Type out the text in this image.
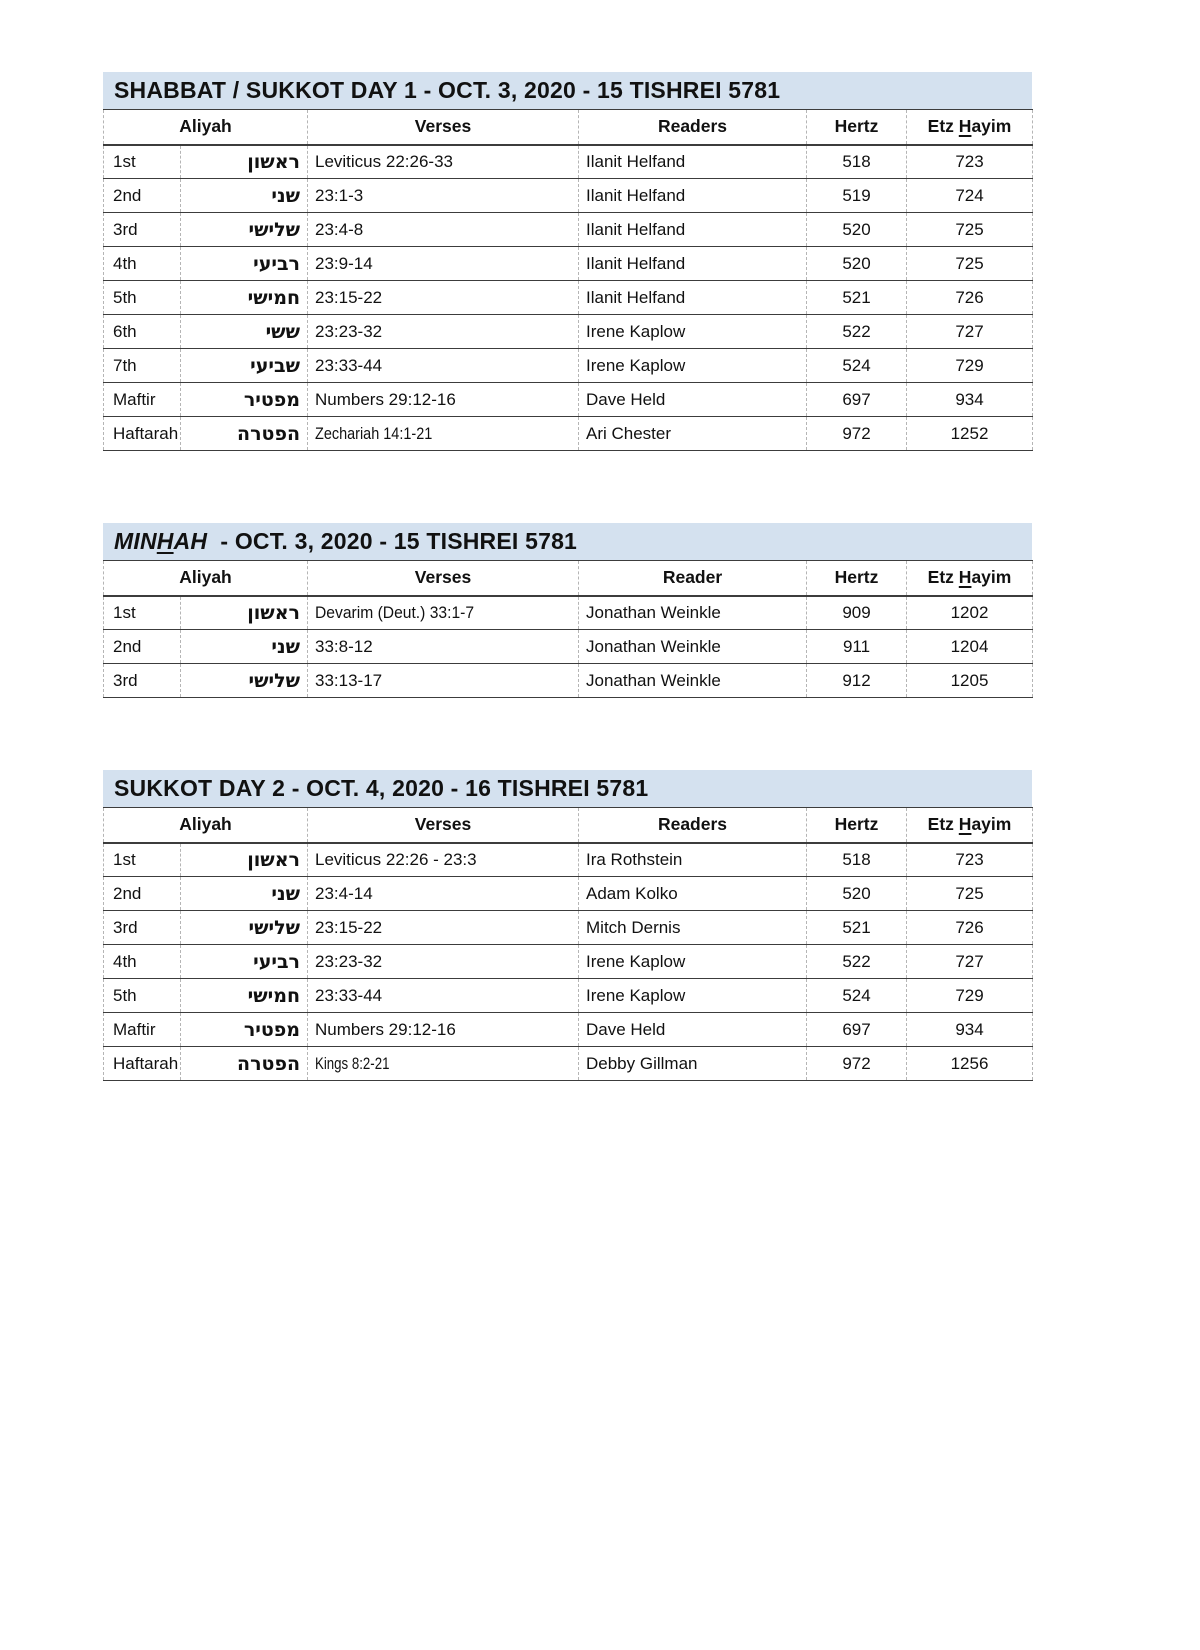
SHABBAT / SUKKOT DAY 1 - OCT. 3, 2020 - 15 TISHREI 5781
Aliyah		Verses	Readers	Hertz	Etz Hayim
1st	ראשון	Leviticus 22:26-33	Ilanit Helfand	518	723
2nd	שני	23:1-3	Ilanit Helfand	519	724
3rd	שלישי	23:4-8	Ilanit Helfand	520	725
4th	רביעי	23:9-14	Ilanit Helfand	520	725
5th	חמישי	23:15-22	Ilanit Helfand	521	726
6th	ששי	23:23-32	Irene Kaplow	522	727
7th	שביעי	23:33-44	Irene Kaplow	524	729
Maftir	מפטיר	Numbers 29:12-16	Dave Held	697	934
Haftarah	הפטרה	Zechariah 14:1-21	Ari Chester	972	1252
MIN H AH - OCT. 3, 2020 - 15 TISHREI 5781
Aliyah		Verses	Reader	Hertz	Etz Hayim
1st	ראשון	Devarim (Deut.) 33:1-7	Jonathan Weinkle	909	1202
2nd	שני	33:8-12	Jonathan Weinkle	911	1204
3rd	שלישי	33:13-17	Jonathan Weinkle	912	1205
SUKKOT DAY 2 - OCT. 4, 2020 - 16 TISHREI 5781
Aliyah		Verses	Readers	Hertz	Etz Hayim
1st	ראשון	Leviticus 22:26 - 23:3	Ira Rothstein	518	723
2nd	שני	23:4-14	Adam Kolko	520	725
3rd	שלישי	23:15-22	Mitch Dernis	521	726
4th	רביעי	23:23-32	Irene Kaplow	522	727
5th	חמישי	23:33-44	Irene Kaplow	524	729
Maftir	מפטיר	Numbers 29:12-16	Dave Held	697	934
Haftarah	הפטרה	Kings 8:2-21	Debby Gillman	972	1256
